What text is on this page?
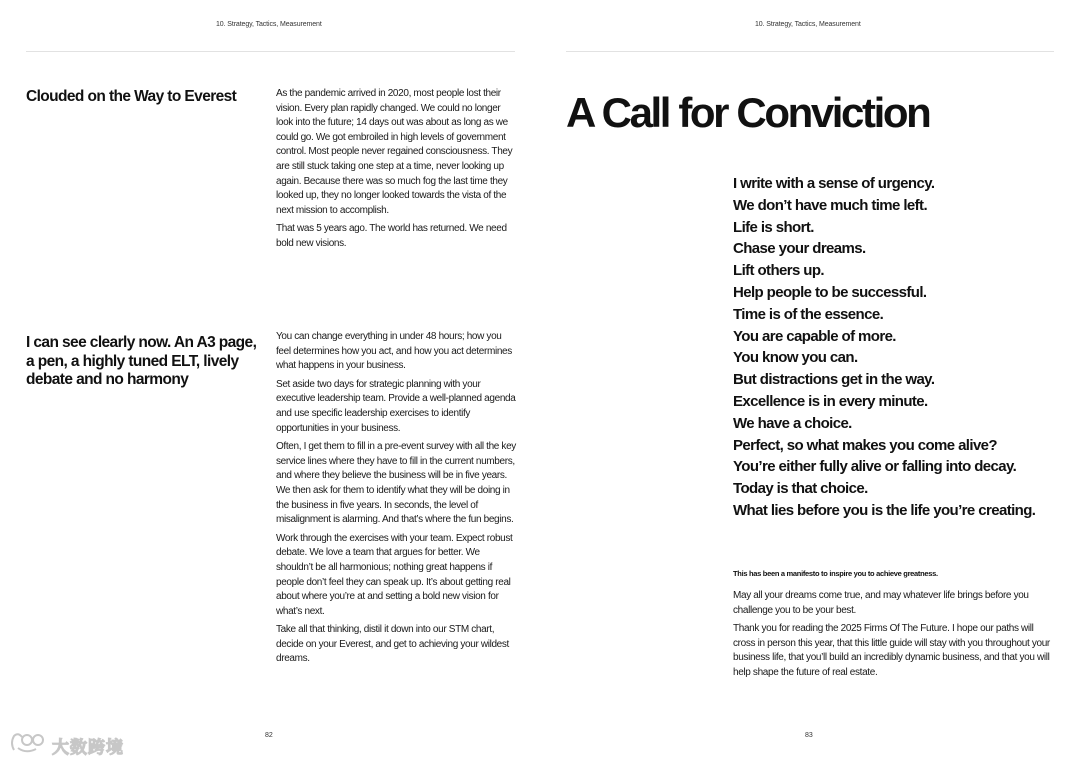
10. Strategy, Tactics, Measurement
Clouded on the Way to Everest	As the pandemic arrived in 2020, most people lost their vision. Every plan rapidly changed. We could no longer look into the future; 14 days out was about as long as we could go. We got embroiled in high levels of government control. Most people never regained consciousness. They are still stuck taking one step at a time, never looking up again. Because there was so much fog the last time they looked up, they no longer looked towards the vista of the next mission to accomplish.

That was 5 years ago. The world has returned. We need bold new visions.

I can see clearly now. An A3 page, a pen, a highly tuned ELT, lively debate and no harmony

You can change everything in under 48 hours; how you feel determines how you act, and how you act determines what happens in your business.

Set aside two days for strategic planning with your executive leadership team. Provide a well-planned agenda and use specific leadership exercises to identify opportunities in your business.

Often, I get them to fill in a pre-event survey with all the key service lines where they have to fill in the current numbers, and where they believe the business will be in five years. We then ask for them to identify what they will be doing in the business in five years. In seconds, the level of misalignment is alarming. And that’s where the fun begins.

Work through the exercises with your team. Expect robust debate. We love a team that argues for better. We shouldn’t be all harmonious; nothing great happens if people don’t feel they can speak up. It’s about getting real about where you’re at and setting a bold new vision for what’s next.

Take all that thinking, distil it down into our STM chart, decide on your Everest, and get to achieving your wildest dreams.

82
10. Strategy, Tactics, Measurement
A Call for Conviction
I write with a sense of urgency.
We don’t have much time left.
Life is short.
Chase your dreams.
Lift others up.
Help people to be successful.
Time is of the essence.
You are capable of more.
You know you can.
But distractions get in the way.
Excellence is in every minute.
We have a choice.
Perfect, so what makes you come alive?
You’re either fully alive or falling into decay.
Today is that choice.
What lies before you is the life you’re creating.
This has been a manifesto to inspire you to achieve greatness.

May all your dreams come true, and may whatever life brings before you challenge you to be your best.

Thank you for reading the 2025 Firms Of The Future. I hope our paths will cross in person this year, that this little guide will stay with you throughout your business life, that you’ll build an incredibly dynamic business, and that you will help shape the future of real estate.

83
大数跨境
